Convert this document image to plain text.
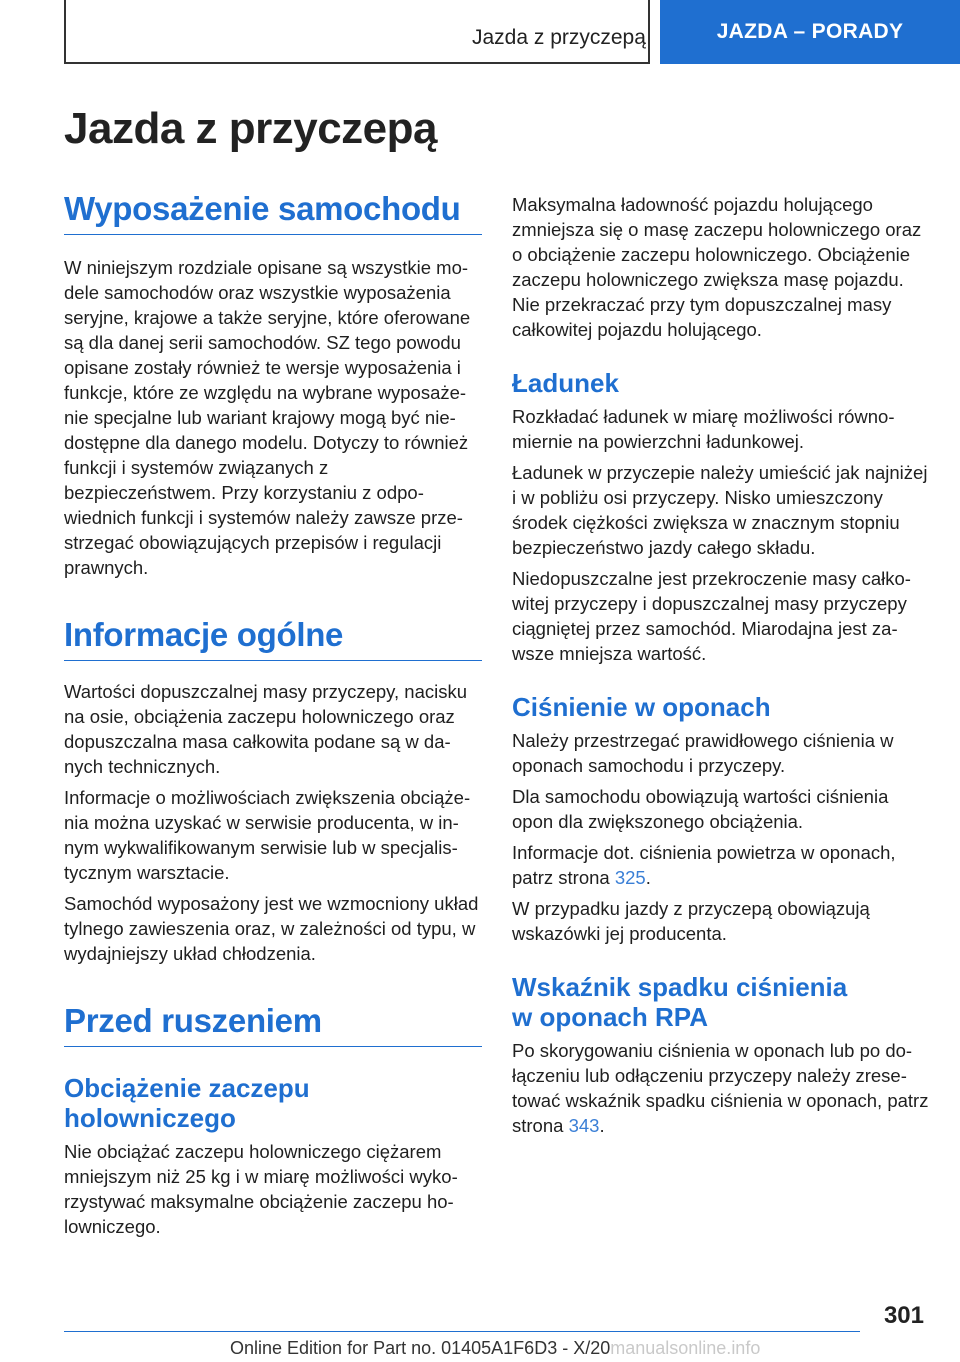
Jazda z przyczepą	JAZDA – PORADY
Jazda z przyczepą
Wyposażenie samochodu

W niniejszym rozdziale opisane są wszystkie modele samochodów oraz wszystkie wyposażenia seryjne, krajowe a także seryjne, które oferowane są dla danej serii samochodów. SZ tego powodu opisane zostały również te wersje wyposażenia i funkcje, które ze względu na wybrane wyposażenie specjalne lub wariant krajowy mogą być niedostępne dla danego modelu. Dotyczy to również funkcji i systemów związanych z bezpieczeństwem. Przy korzystaniu z odpowiednich funkcji i systemów należy zawsze przestrzegać obowiązujących przepisów i regulacji prawnych.

Informacje ogólne

Wartości dopuszczalnej masy przyczepy, nacisku na osie, obciążenia zaczepu holowniczego oraz dopuszczalna masa całkowita podane są w danych technicznych.

Informacje o możliwościach zwiększenia obciążenia można uzyskać w serwisie producenta, w innym wykwalifikowanym serwisie lub w specjalistycznym warsztacie.

Samochód wyposażony jest we wzmocniony układ tylnego zawieszenia oraz, w zależności od typu, w wydajniejszy układ chłodzenia.

Przed ruszeniem
Obciążenie zaczepu holowniczego

Nie obciążać zaczepu holowniczego ciężarem mniejszym niż 25 kg i w miarę możliwości wykorzystywać maksymalne obciążenie zaczepu holowniczego.

Maksymalna ładowność pojazdu holującego zmniejsza się o masę zaczepu holowniczego oraz o obciążenie zaczepu holowniczego. Obciążenie zaczepu holowniczego zwiększa masę pojazdu. Nie przekraczać przy tym dopuszczalnej masy całkowitej pojazdu holującego.

Ładunek

Rozkładać ładunek w miarę możliwości równomiernie na powierzchni ładunkowej.

Ładunek w przyczepie należy umieścić jak najniżej i w pobliżu osi przyczepy. Nisko umieszczony środek ciężkości zwiększa w znacznym stopniu bezpieczeństwo jazdy całego składu.

Niedopuszczalne jest przekroczenie masy całkowitej przyczepy i dopuszczalnej masy przyczepy ciągniętej przez samochód. Miarodajna jest zawsze mniejsza wartość.

Ciśnienie w oponach

Należy przestrzegać prawidłowego ciśnienia w oponach samochodu i przyczepy.

Dla samochodu obowiązują wartości ciśnienia opon dla zwiększonego obciążenia.

Informacje dot. ciśnienia powietrza w oponach, patrz strona 325.

W przypadku jazdy z przyczepą obowiązują wskazówki jej producenta.

Wskaźnik spadku ciśnienia
w oponach RPA

Po skorygowaniu ciśnienia w oponach lub po dołączeniu lub odłączeniu przyczepy należy zresetować wskaźnik spadku ciśnienia w oponach, patrz strona 343.

301
Online Edition for Part no. 01405A1F6D3 - X/20manualsonline.info
